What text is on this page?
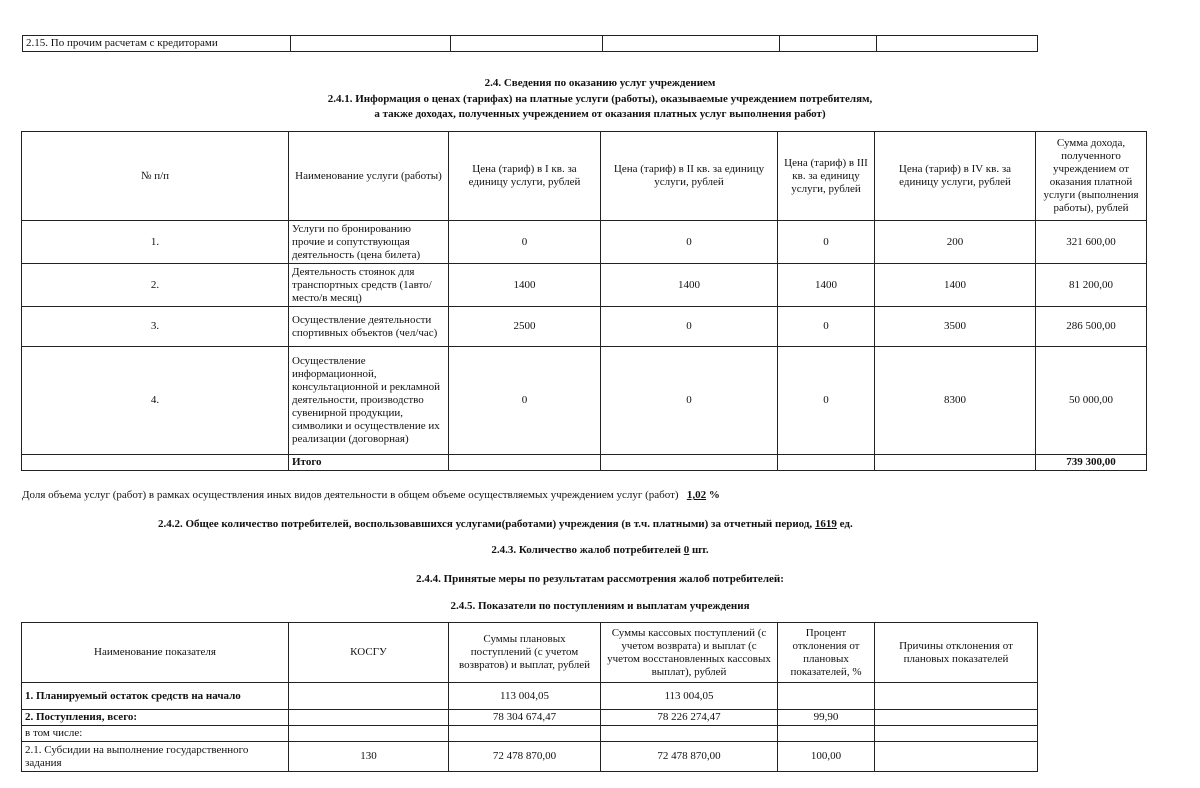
2.15. По прочим расчетам с кредиторами					
2.4. Сведения по оказанию услуг учреждением
2.4.1. Информация о ценах (тарифах) на платные услуги (работы), оказываемые учреждением потребителям,
а также доходах, полученных учреждением от оказания платных услуг выполнения работ)
№ п/п	Наименование услуги (работы)	Цена (тариф) в I кв. за единицу услуги, рублей	Цена (тариф) в II кв. за единицу услуги, рублей	Цена (тариф) в III кв. за единицу услуги, рублей	Цена (тариф) в IV кв. за единицу услуги, рублей	Сумма дохода, полученного учреждением от оказания платной услуги (выполнения работы), рублей
1.	Услуги по бронированию прочие и сопутствующая деятельность (цена билета)	0	0	0	200	321 600,00
2.	Деятельность стоянок для транспортных средств (1авто/место/в месяц)	1400	1400	1400	1400	81 200,00
3.	Осуществление деятельности спортивных объектов (чел/час)	2500	0	0	3500	286 500,00
4.	Осуществление информационной, консультационной и рекламной деятельности, производство сувенирной продукции, символики и осуществление их реализации (договорная)	0	0	0	8300	50 000,00
	Итого					739 300,00
Доля объема услуг (работ) в рамках осуществления иных видов деятельности в общем объеме осуществляемых учреждением услуг (работ) 1,02 %
2.4.2. Общее количество потребителей, воспользовавшихся услугами(работами) учреждения (в т.ч. платными) за отчетный период, 1619 ед.
2.4.3. Количество жалоб потребителей 0 шт.
2.4.4. Принятые меры по результатам рассмотрения жалоб потребителей:
2.4.5. Показатели по поступлениям и выплатам учреждения
Наименование показателя	КОСГУ	Суммы плановых поступлений (с учетом возвратов) и выплат, рублей	Суммы кассовых поступлений (с учетом возврата) и выплат (с учетом восстановленных кассовых выплат), рублей	Процент отклонения от плановых показателей, %	Причины отклонения от плановых показателей
1. Планируемый остаток средств на начало		113 004,05	113 004,05		
2. Поступления, всего:		78 304 674,47	78 226 274,47	99,90	
в том числе:					
2.1. Субсидии на выполнение государственного задания	130	72 478 870,00	72 478 870,00	100,00	
